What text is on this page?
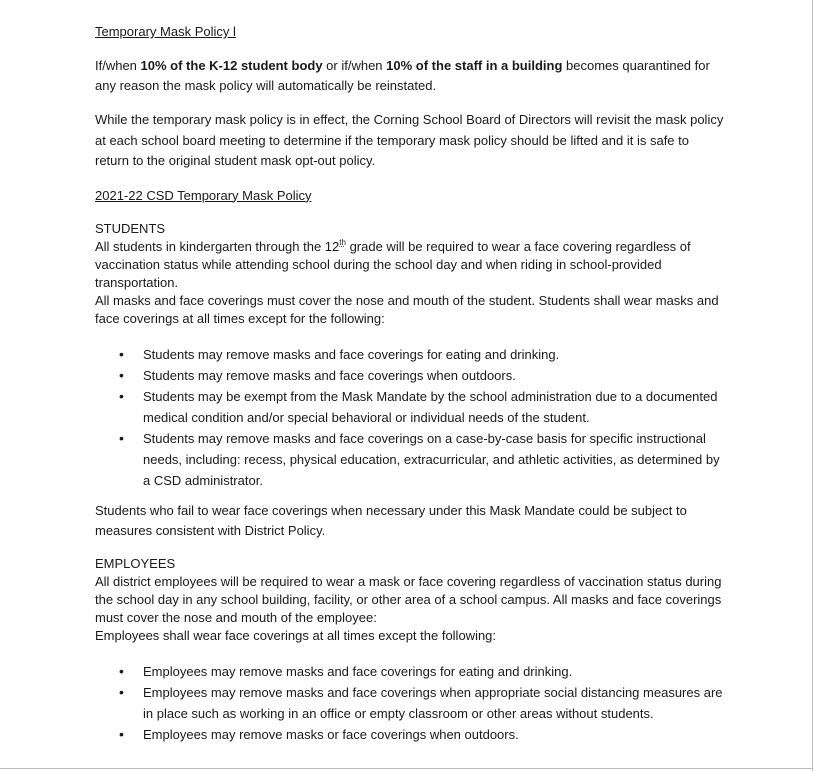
Temporary Mask Policy l

If/when 10% of the K-12 student body or if/when 10% of the staff in a building becomes quarantined for any reason the mask policy will automatically be reinstated.

While the temporary mask policy is in effect, the Corning School Board of Directors will revisit the mask policy at each school board meeting to determine if the temporary mask policy should be lifted and it is safe to return to the original student mask opt-out policy.

2021-22 CSD Temporary Mask Policy

STUDENTS

All students in kindergarten through the 12th grade will be required to wear a face covering regardless of vaccination status while attending school during the school day and when riding in school-provided transportation.

All masks and face coverings must cover the nose and mouth of the student. Students shall wear masks and face coverings at all times except for the following:

• Students may remove masks and face coverings for eating and drinking.
• Students may remove masks and face coverings when outdoors.
• Students may be exempt from the Mask Mandate by the school administration due to a documented medical condition and/or special behavioral or individual needs of the student.
• Students may remove masks and face coverings on a case-by-case basis for specific instructional needs, including: recess, physical education, extracurricular, and athletic activities, as determined by a CSD administrator.

Students who fail to wear face coverings when necessary under this Mask Mandate could be subject to measures consistent with District Policy.

EMPLOYEES

All district employees will be required to wear a mask or face covering regardless of vaccination status during the school day in any school building, facility, or other area of a school campus. All masks and face coverings must cover the nose and mouth of the employee:

Employees shall wear face coverings at all times except the following:

• Employees may remove masks and face coverings for eating and drinking.
• Employees may remove masks and face coverings when appropriate social distancing measures are in place such as working in an office or empty classroom or other areas without students.
• Employees may remove masks or face coverings when outdoors.
